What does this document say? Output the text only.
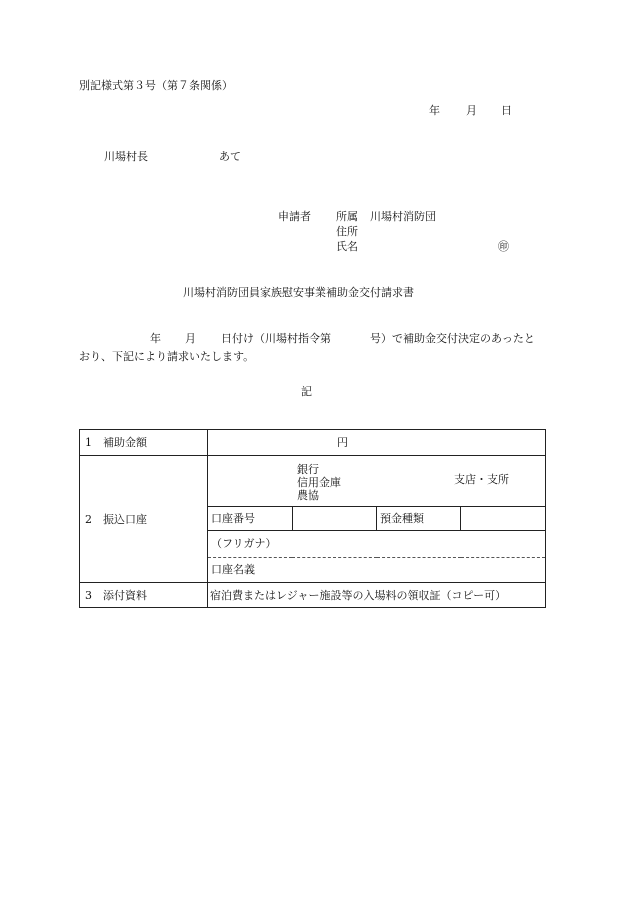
別記様式第３号（第７条関係）
年 月 日
川場村長	あて
申請者 所属 川場村消防団
住所
氏名	㊞
川場村消防団員家族慰安事業補助金交付請求書
年 月 日付け（川場村指令第	号）で補助金交付決定のあったと
おり、下記により請求いたします。
記
1 補助金額	円
2 振込口座	
銀行
信用金庫
農協
支店・支所

口座番号		預金種類	
（フリガナ）
口座名義

3 添付資料	宿泊費またはレジャー施設等の入場料の領収証（コピー可）
